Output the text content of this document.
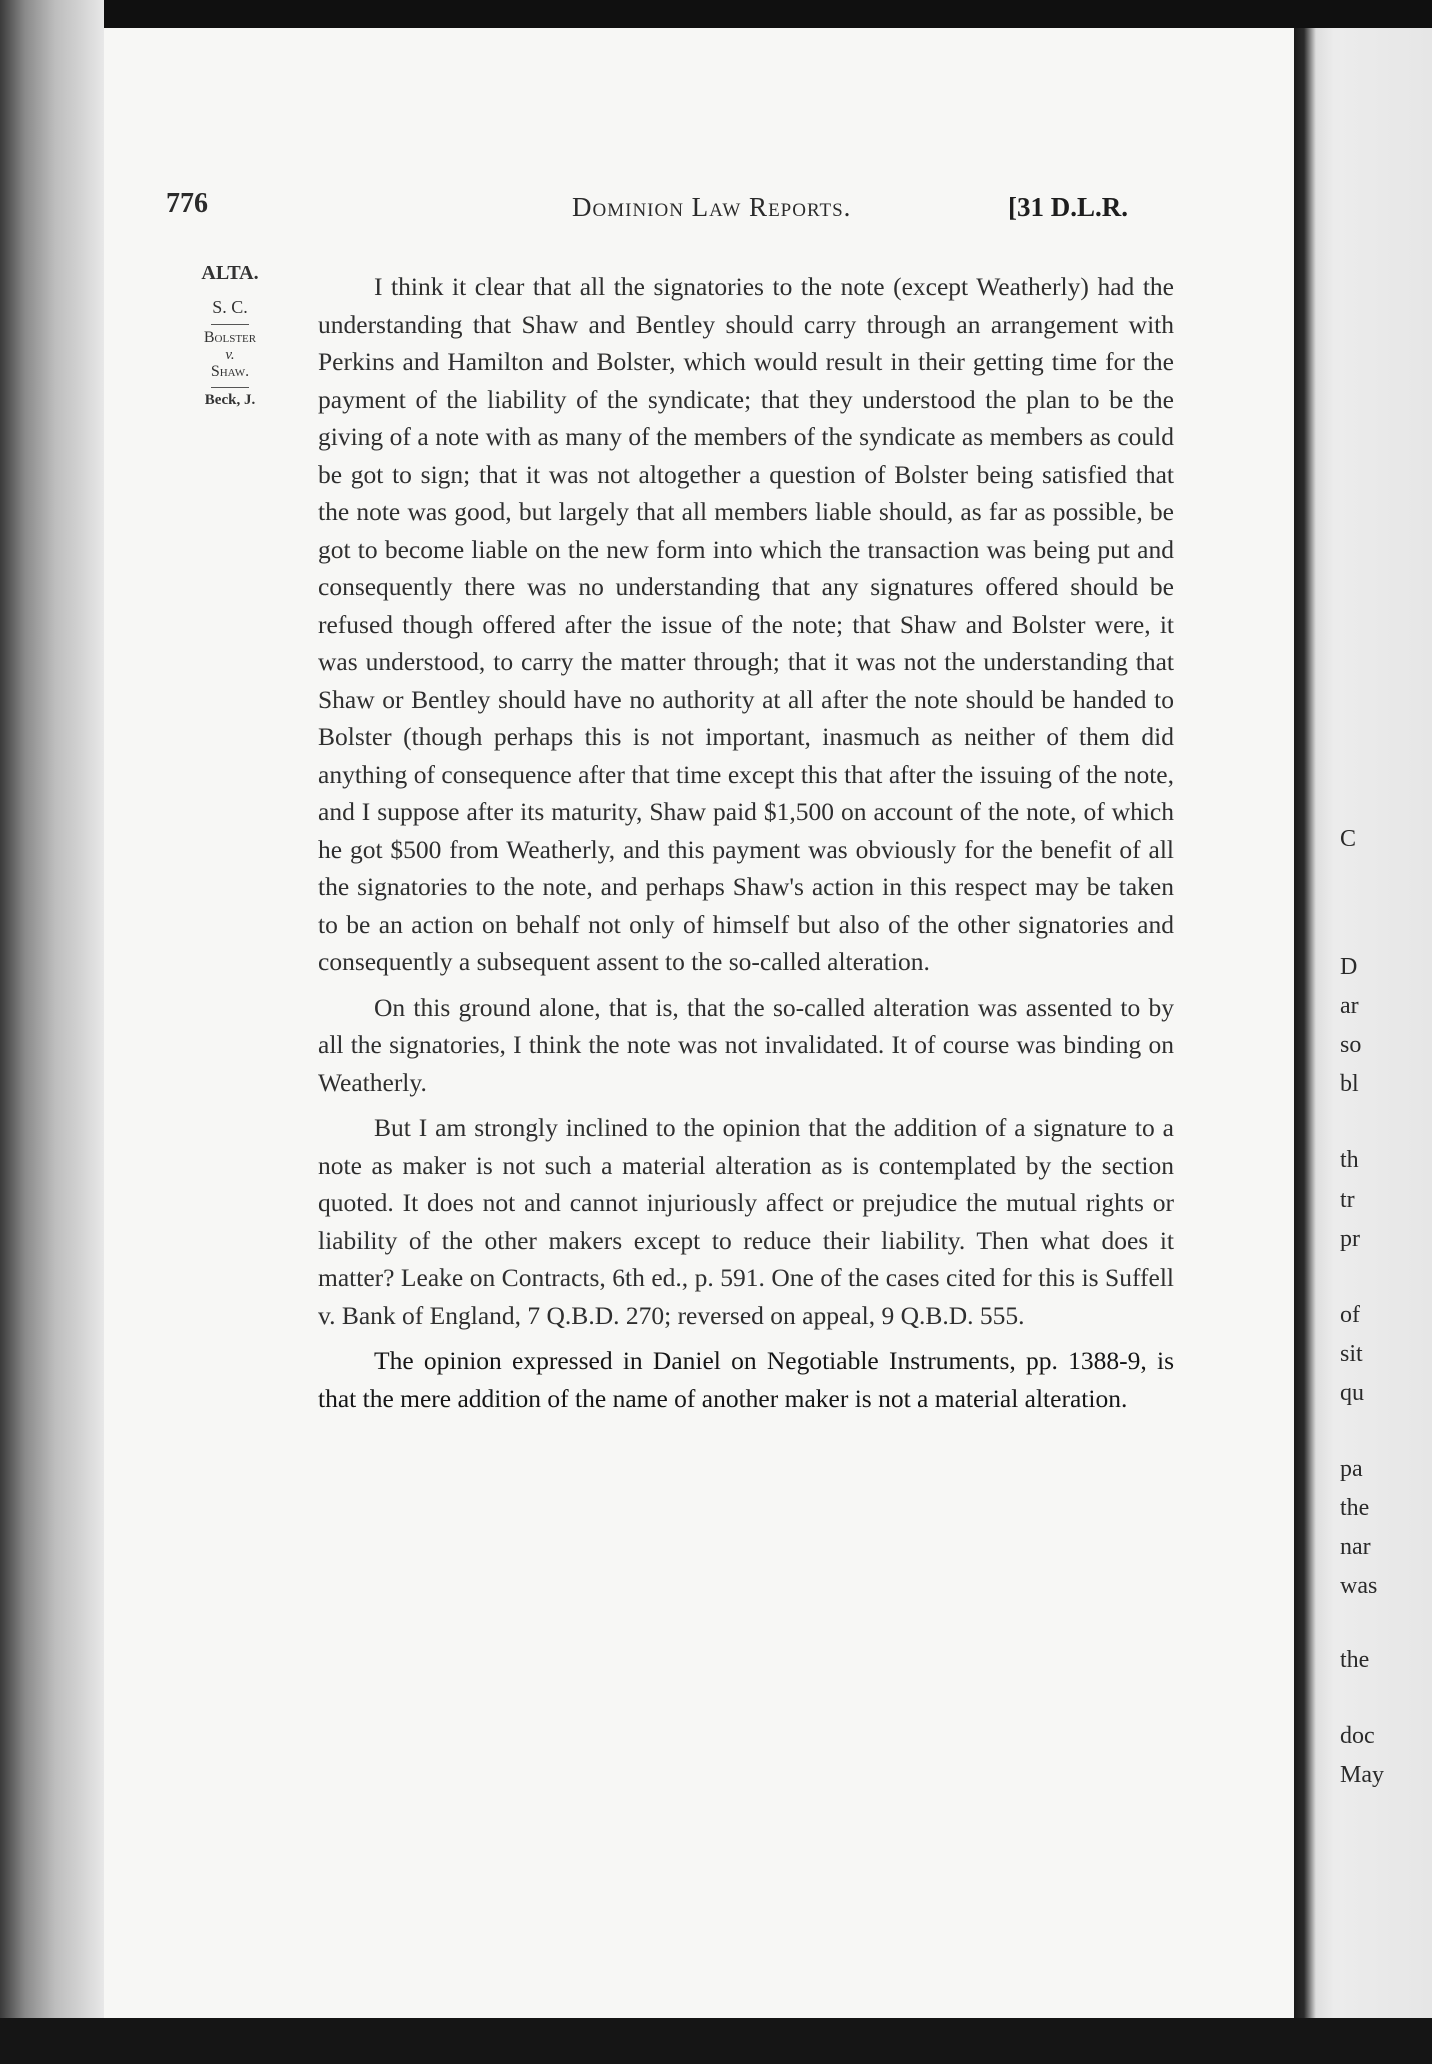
776	Dominion Law Reports.	[31 D.L.R.
ALTA.
S. C.
Bolster
v.
Shaw.
Beck, J.

I think it clear that all the signatories to the note (except Weatherly) had the understanding that Shaw and Bentley should carry through an arrangement with Perkins and Hamilton and Bolster, which would result in their getting time for the payment of the liability of the syndicate; that they understood the plan to be the giving of a note with as many of the members of the syndicate as members as could be got to sign; that it was not altogether a question of Bolster being satisfied that the note was good, but largely that all members liable should, as far as possible, be got to become liable on the new form into which the transaction was being put and consequently there was no understanding that any signatures offered should be refused though offered after the issue of the note; that Shaw and Bolster were, it was understood, to carry the matter through; that it was not the understanding that Shaw or Bentley should have no authority at all after the note should be handed to Bolster (though perhaps this is not important, inasmuch as neither of them did anything of consequence after that time except this that after the issuing of the note, and I suppose after its maturity, Shaw paid $1,500 on account of the note, of which he got $500 from Weatherly, and this payment was obviously for the benefit of all the signatories to the note, and perhaps Shaw's action in this respect may be taken to be an action on behalf not only of himself but also of the other signatories and consequently a subsequent assent to the so-called alteration.

On this ground alone, that is, that the so-called alteration was assented to by all the signatories, I think the note was not invalidated. It of course was binding on Weatherly.

But I am strongly inclined to the opinion that the addition of a signature to a note as maker is not such a material alteration as is contemplated by the section quoted. It does not and cannot injuriously affect or prejudice the mutual rights or liability of the other makers except to reduce their liability. Then what does it matter? Leake on Contracts, 6th ed., p. 591. One of the cases cited for this is Suffell v. Bank of England, 7 Q.B.D. 270; reversed on appeal, 9 Q.B.D. 555.

The opinion expressed in Daniel on Negotiable Instruments, pp. 1388-9, is that the mere addition of the name of another maker is not a material alteration.

C
D
ar
so
bl
th
tr
pr
of
sit
qu
pa
the
nar
was
the
doc
May
